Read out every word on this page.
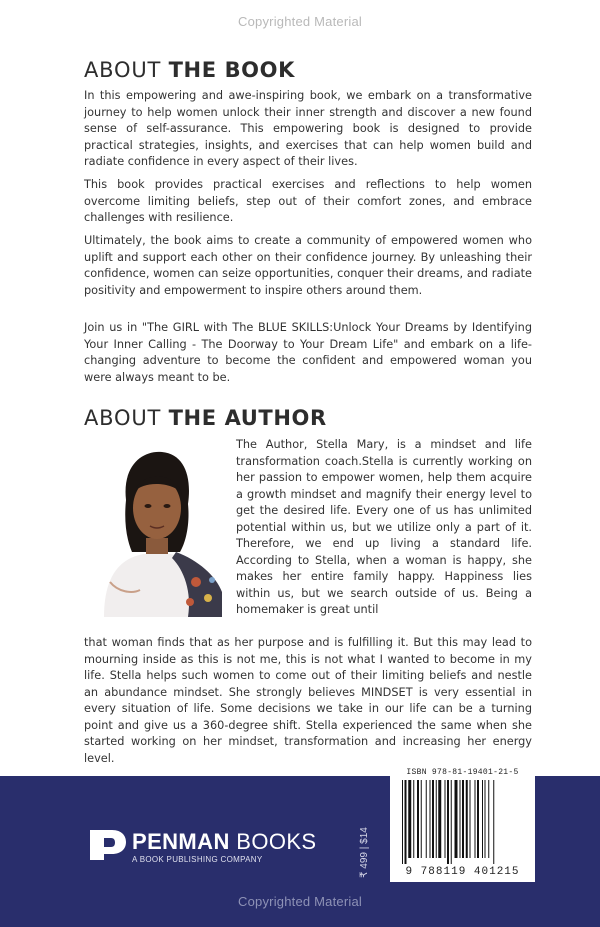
Copyrighted Material
ABOUT THE BOOK

In this empowering and awe-inspiring book, we embark on a transformative journey to help women unlock their inner strength and discover a new found sense of self-assurance. This empowering book is designed to provide practical strategies, insights, and exercises that can help women build and radiate confidence in every aspect of their lives.

This book provides practical exercises and reflections to help women overcome limiting beliefs, step out of their comfort zones, and embrace challenges with resilience.

Ultimately, the book aims to create a community of empowered women who uplift and support each other on their confidence journey. By unleashing their confidence, women can seize opportunities, conquer their dreams, and radiate positivity and empowerment to inspire others around them.

Join us in "The GIRL with The BLUE SKILLS:Unlock Your Dreams by Identifying Your Inner Calling - The Doorway to Your Dream Life" and embark on a life-changing adventure to become the confident and empowered woman you were always meant to be.

ABOUT THE AUTHOR

The Author, Stella Mary, is a mindset and life transformation coach.Stella is currently working on her passion to empower women, help them acquire a growth mindset and magnify their energy level to get the desired life. Every one of us has unlimited potential within us, but we utilize only a part of it. Therefore, we end up living a standard life. According to Stella, when a woman is happy, she makes her entire family happy. Happiness lies within us, but we search outside of us. Being a homemaker is great until

that woman finds that as her purpose and is fulfilling it. But this may lead to mourning inside as this is not me, this is not what I wanted to become in my life. Stella helps such women to come out of their limiting beliefs and nestle an abundance mindset. She strongly believes MINDSET is very essential in every situation of life. Some decisions we take in our life can be a turning point and give us a 360-degree shift. Stella experienced the same when she started working on her mindset, transformation and increasing her energy level.

PENMAN BOOKS
A BOOK PUBLISHING COMPANY	₹ 499 | $14
ISBN 978-81-19401-21-5
9 788119 401215
Copyrighted Material
